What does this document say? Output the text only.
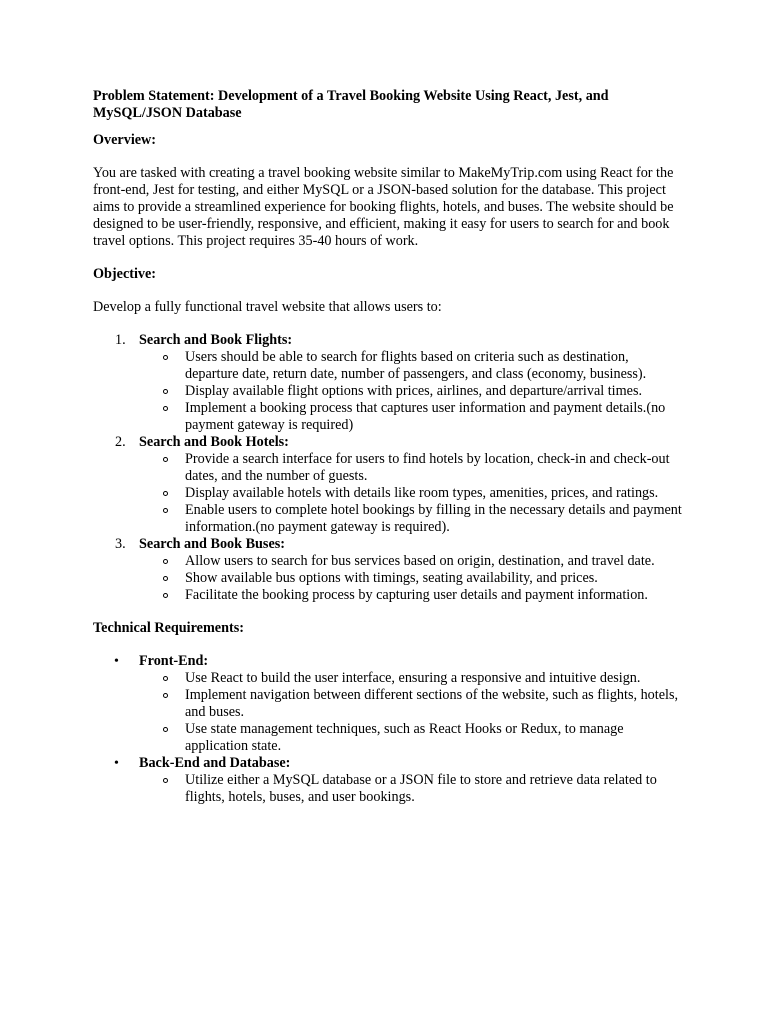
Problem Statement: Development of a Travel Booking Website Using React, Jest, and MySQL/JSON Database
Overview:
You are tasked with creating a travel booking website similar to MakeMyTrip.com using React for the front-end, Jest for testing, and either MySQL or a JSON-based solution for the database. This project aims to provide a streamlined experience for booking flights, hotels, and buses. The website should be designed to be user-friendly, responsive, and efficient, making it easy for users to search for and book travel options. This project requires 35-40 hours of work.
Objective:
Develop a fully functional travel website that allows users to:
1. Search and Book Flights:
Users should be able to search for flights based on criteria such as destination, departure date, return date, number of passengers, and class (economy, business).
Display available flight options with prices, airlines, and departure/arrival times.
Implement a booking process that captures user information and payment details.(no payment gateway is required)
2. Search and Book Hotels:
Provide a search interface for users to find hotels by location, check-in and check-out dates, and the number of guests.
Display available hotels with details like room types, amenities, prices, and ratings.
Enable users to complete hotel bookings by filling in the necessary details and payment information.(no payment gateway is required).
3. Search and Book Buses:
Allow users to search for bus services based on origin, destination, and travel date.
Show available bus options with timings, seating availability, and prices.
Facilitate the booking process by capturing user details and payment information.
Technical Requirements:
• Front-End:
Use React to build the user interface, ensuring a responsive and intuitive design.
Implement navigation between different sections of the website, such as flights, hotels, and buses.
Use state management techniques, such as React Hooks or Redux, to manage application state.
• Back-End and Database:
Utilize either a MySQL database or a JSON file to store and retrieve data related to flights, hotels, buses, and user bookings.
